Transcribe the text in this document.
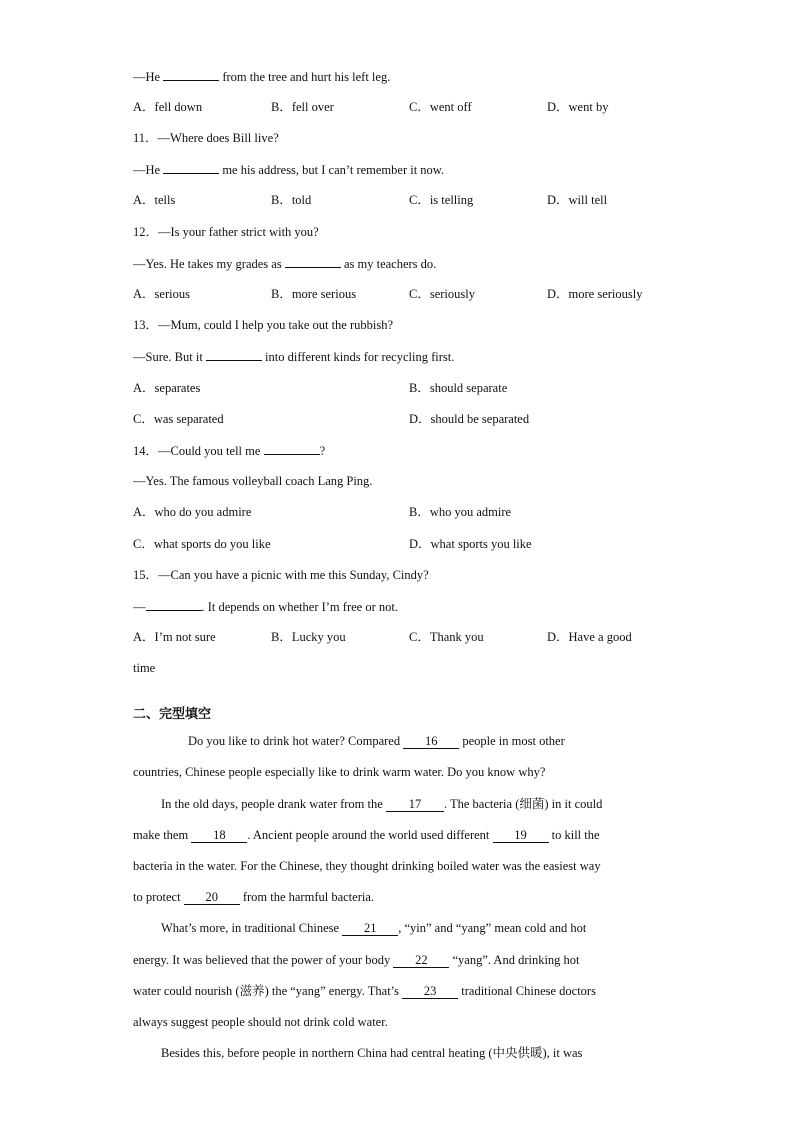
—He	from the tree and hurt his left leg.
A．fell down	B．fell over	C．went off	D．went by
11．—Where does Bill live?
—He	me his address, but I can’t remember it now.
A．tells	B．told	C．is telling	D．will tell
12．—Is your father strict with you?
—Yes. He takes my grades as	as my teachers do.
A．serious	B．more serious	C．seriously	D．more seriously
13．—Mum, could I help you take out the rubbish?
—Sure. But it	into different kinds for recycling first.
A．separates	B．should separate
C．was separated	D．should be separated
14．—Could you tell me	?
—Yes. The famous volleyball coach Lang Ping.
A．who do you admire	B．who you admire
C．what sports do you like	D．what sports you like
15．—Can you have a picnic with me this Sunday, Cindy?
—	. It depends on whether I’m free or not.
A．I’m not sure	B．Lucky you	C．Thank you	D．Have a good
time
二、完型填空
Do you like to drink hot water? Compared 16 people in most other
countries, Chinese people especially like to drink warm water. Do you know why?
In the old days, people drank water from the 17 . The bacteria (细菌) in it could
make them 18 . Ancient people around the world used different 19 to kill the
bacteria in the water. For the Chinese, they thought drinking boiled water was the easiest way
to protect 20 from the harmful bacteria.
What’s more, in traditional Chinese 21 , “yin” and “yang” mean cold and hot
energy. It was believed that the power of your body 22 “yang”. And drinking hot
water could nourish (滋养) the “yang” energy. That’s 23 traditional Chinese doctors
always suggest people should not drink cold water.
Besides this, before people in northern China had central heating (中央供暖), it was
